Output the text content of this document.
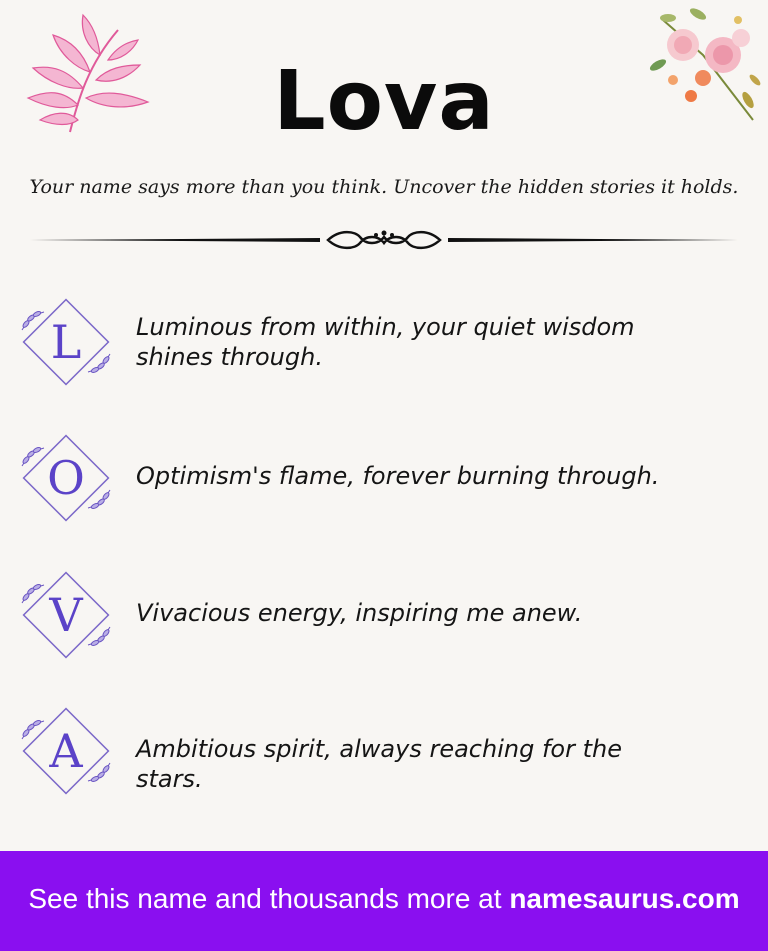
Lova
Your name says more than you think. Uncover the hidden stories it holds.
L	Luminous from within, your quiet wisdom shines through.
O	Optimism's flame, forever burning through.
V	Vivacious energy, inspiring me anew.
A	Ambitious spirit, always reaching for the stars.
See this name and thousands more at namesaurus.com
